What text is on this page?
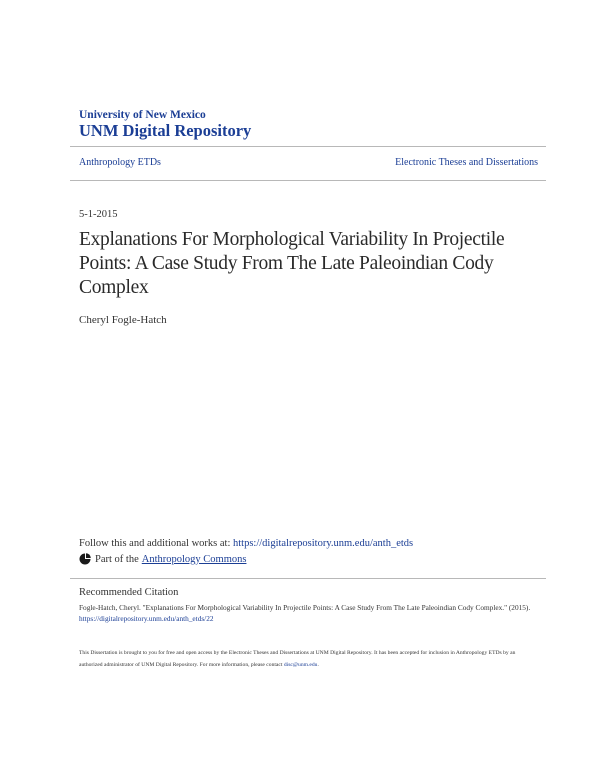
University of New Mexico
UNM Digital Repository
Anthropology ETDs	Electronic Theses and Dissertations
5-1-2015
Explanations For Morphological Variability In Projectile Points: A Case Study From The Late Paleoindian Cody Complex
Cheryl Fogle-Hatch
Follow this and additional works at: https://digitalrepository.unm.edu/anth_etds
Part of the Anthropology Commons
Recommended Citation
Fogle-Hatch, Cheryl. "Explanations For Morphological Variability In Projectile Points: A Case Study From The Late Paleoindian Cody Complex." (2015). https://digitalrepository.unm.edu/anth_etds/22
This Dissertation is brought to you for free and open access by the Electronic Theses and Dissertations at UNM Digital Repository. It has been accepted for inclusion in Anthropology ETDs by an authorized administrator of UNM Digital Repository. For more information, please contact disc@unm.edu.
